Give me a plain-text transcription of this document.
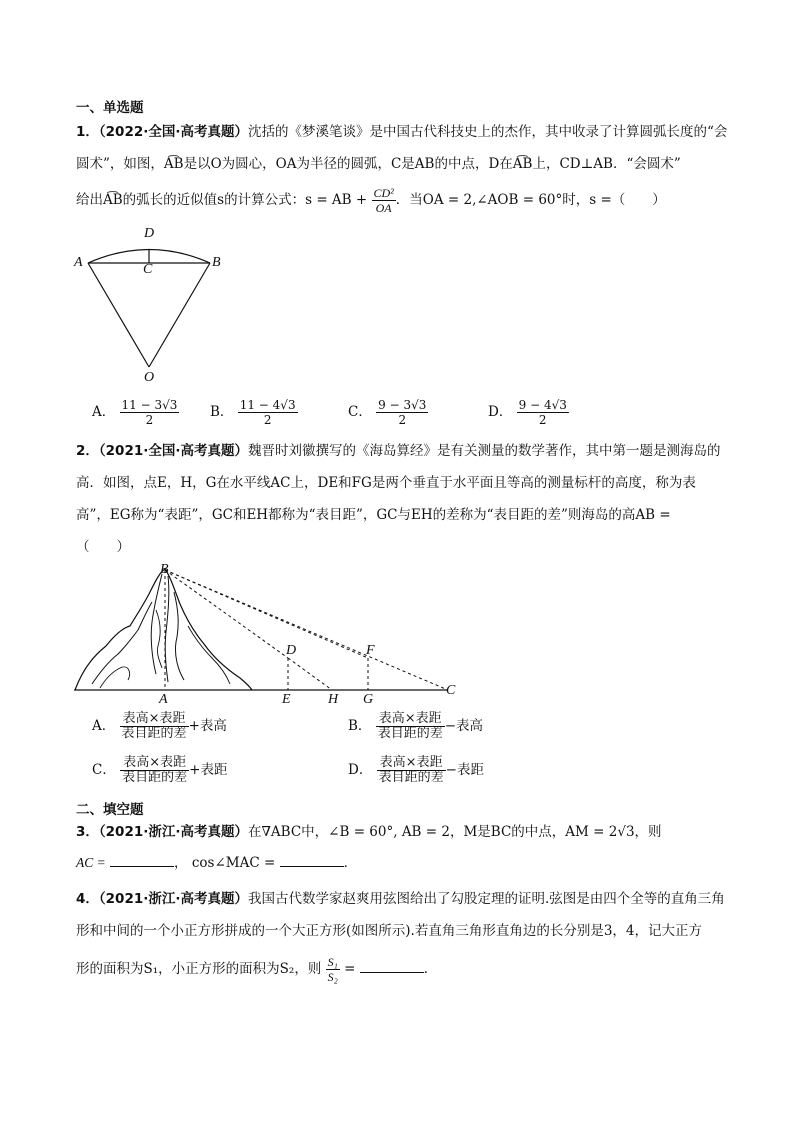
一、单选题
1．（2022·全国·高考真题）沈括的《梦溪笔谈》是中国古代科技史上的杰作，其中收录了计算圆弧长度的“会
圆术”，如图，A͡B是以O为圆心，OA为半径的圆弧，C是AB的中点，D在A͡B上，CD⊥AB．“会圆术”
给出A͡B的弧长的近似值s的计算公式：s = AB + $\frac{\text{CD²}}{OA}$ ．当OA = 2,∠AOB = 60°时，s =（　　）
D
A	C	B
O
A． $\frac{11 - 3√3}{2}$ B． $\frac{11 - 4√3}{2}$	C． $\frac{9 - 3√3}{2}$	D． $\frac{9 - 4√3}{2}$
2．（2021·全国·高考真题）魏晋时刘徽撰写的《海岛算经》是有关测量的数学著作，其中第一题是测海岛的
高．如图，点E，H，G在水平线AC上，DE和FG是两个垂直于水平面且等高的测量标杆的高度，称为表
高”，EG称为“表距”，GC和EH都称为“表目距”，GC与EH的差称为“表目距的差”则海岛的高AB =
（　　）
B
D	F
A	E	H G
C
A． $\frac{\text{表高×表距}}{\text{表目距的差}}$ +表高	B． $\frac{\text{表高×表距}}{\text{表目距的差}}$ −表高
C． $\frac{\text{表高×表距}}{\text{表目距的差}}$ +表距	D． $\frac{\text{表高×表距}}{\text{表目距的差}}$ −表距
二、填空题
3．（2021·浙江·高考真题）在∇ABC中，∠B = 60°, AB = 2，M是BC的中点，AM = 2√3，则
AC =	， cos∠MAC =	．
4．（2021·浙江·高考真题）我国古代数学家赵爽用弦图给出了勾股定理的证明.弦图是由四个全等的直角三角
形和中间的一个小正方形拼成的一个大正方形(如图所示).若直角三角形直角边的长分别是3，4，记大正方
形的面积为S₁，小正方形的面积为S₂，则 $\frac{\text{S₁}}{\text{S₂}}$ =	．
